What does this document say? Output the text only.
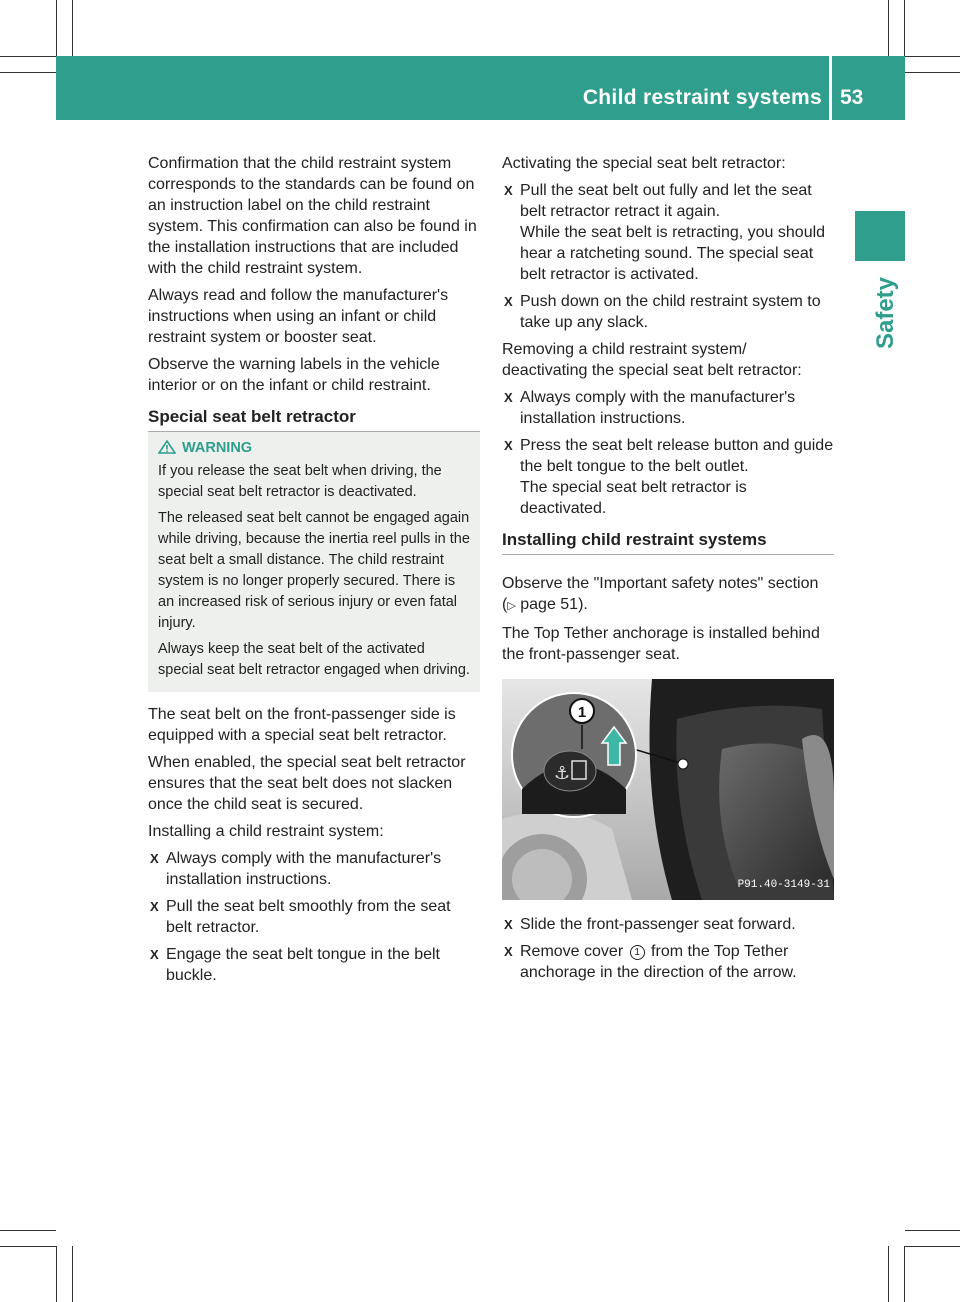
Child restraint systems 53
Safety

Confirmation that the child restraint system corresponds to the standards can be found on an instruction label on the child restraint system. This confirmation can also be found in the installation instructions that are included with the child restraint system.

Always read and follow the manufacturer's instructions when using an infant or child restraint system or booster seat.

Observe the warning labels in the vehicle interior or on the infant or child restraint.

Special seat belt retractor
WARNING

If you release the seat belt when driving, the special seat belt retractor is deactivated.

The released seat belt cannot be engaged again while driving, because the inertia reel pulls in the seat belt a small distance. The child restraint system is no longer properly secured. There is an increased risk of serious injury or even fatal injury.

Always keep the seat belt of the activated special seat belt retractor engaged when driving.

The seat belt on the front-passenger side is equipped with a special seat belt retractor.

When enabled, the special seat belt retractor ensures that the seat belt does not slacken once the child seat is secured.

Installing a child restraint system:

X Always comply with the manufacturer's installation instructions.
X Pull the seat belt smoothly from the seat belt retractor.
X Engage the seat belt tongue in the belt buckle.

Activating the special seat belt retractor:

X Pull the seat belt out fully and let the seat belt retractor retract it again.
While the seat belt is retracting, you should hear a ratcheting sound. The special seat belt retractor is activated.
X Push down on the child restraint system to take up any slack.

Removing a child restraint system/ deactivating the special seat belt retractor:

X Always comply with the manufacturer's installation instructions.
X Press the seat belt release button and guide the belt tongue to the belt outlet.
The special seat belt retractor is deactivated.
Installing child restraint systems

Observe the "Important safety notes" section (▷ page 51).

The Top Tether anchorage is installed behind the front-passenger seat.

⚓
1
P91.40-3149-31
X Slide the front-passenger seat forward.
X Remove cover 1 from the Top Tether anchorage in the direction of the arrow.
